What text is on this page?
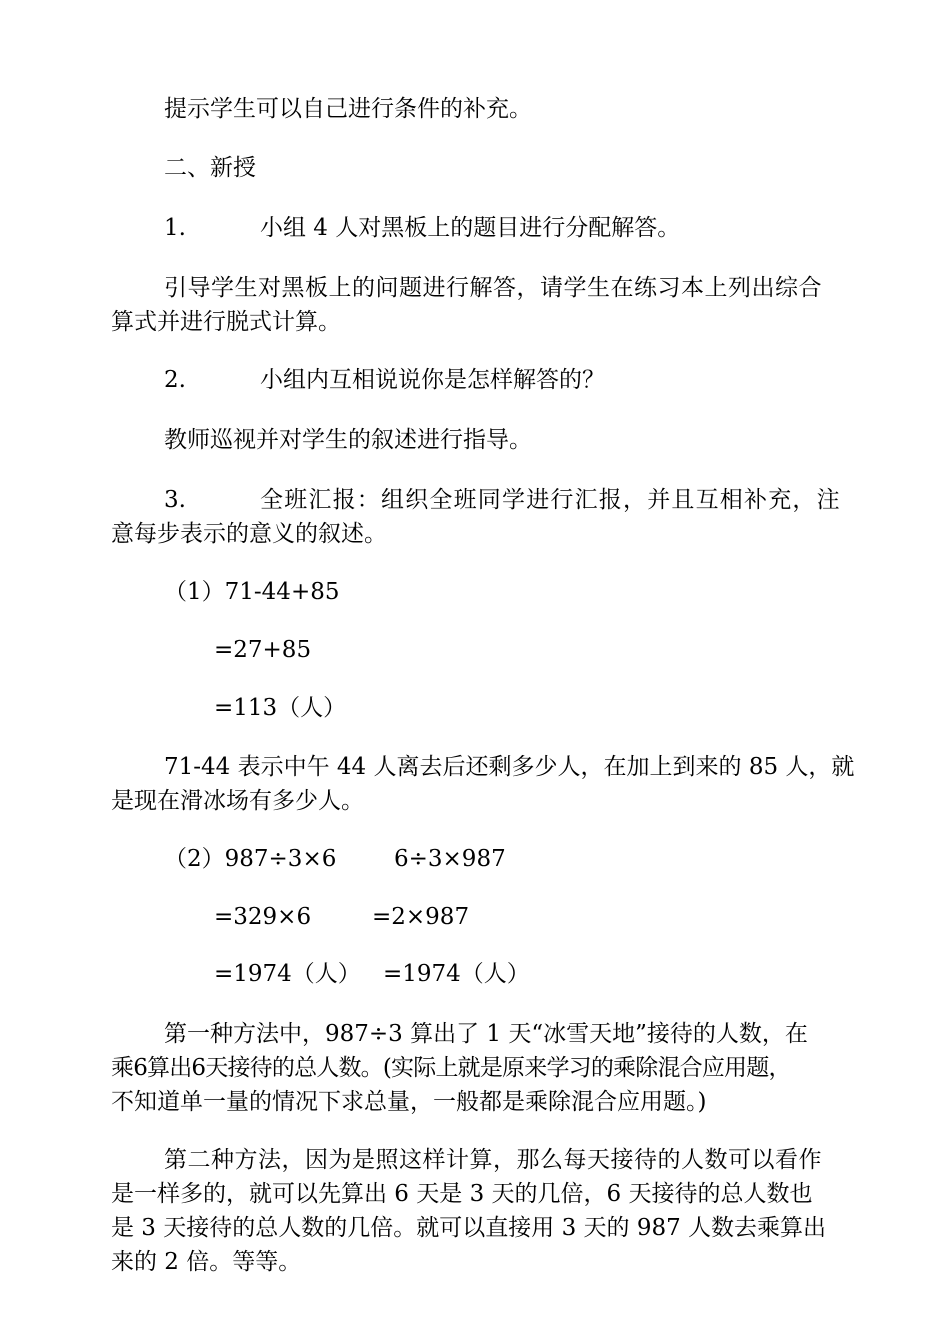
提示学生可以自己进行条件的补充。
二、新授
1.	小组 4 人对黑板上的题目进行分配解答。
引导学生对黑板上的问题进行解答，请学生在练习本上列出综合
算式并进行脱式计算。
2.	小组内互相说说你是怎样解答的？
教师巡视并对学生的叙述进行指导。
3.	全班汇报：组织全班同学进行汇报，并且互相补充，注
意每步表示的意义的叙述。
（1）71-44+85
=27+85
=113（人）
71-44 表示中午 44 人离去后还剩多少人，在加上到来的 85 人，就
是现在滑冰场有多少人。
（2）987÷3×6	6÷3×987
=329×6	=2×987
=1974（人） =1974（人）
第一种方法中，987÷3 算出了 1 天“冰雪天地”接待的人数，在
乘6算出6天接待的总人数。(实际上就是原来学习的乘除混合应用题，
不知道单一量的情况下求总量，一般都是乘除混合应用题。)
第二种方法，因为是照这样计算，那么每天接待的人数可以看作
是一样多的，就可以先算出 6 天是 3 天的几倍，6 天接待的总人数也
是 3 天接待的总人数的几倍。就可以直接用 3 天的 987 人数去乘算出
来的 2 倍。等等。
